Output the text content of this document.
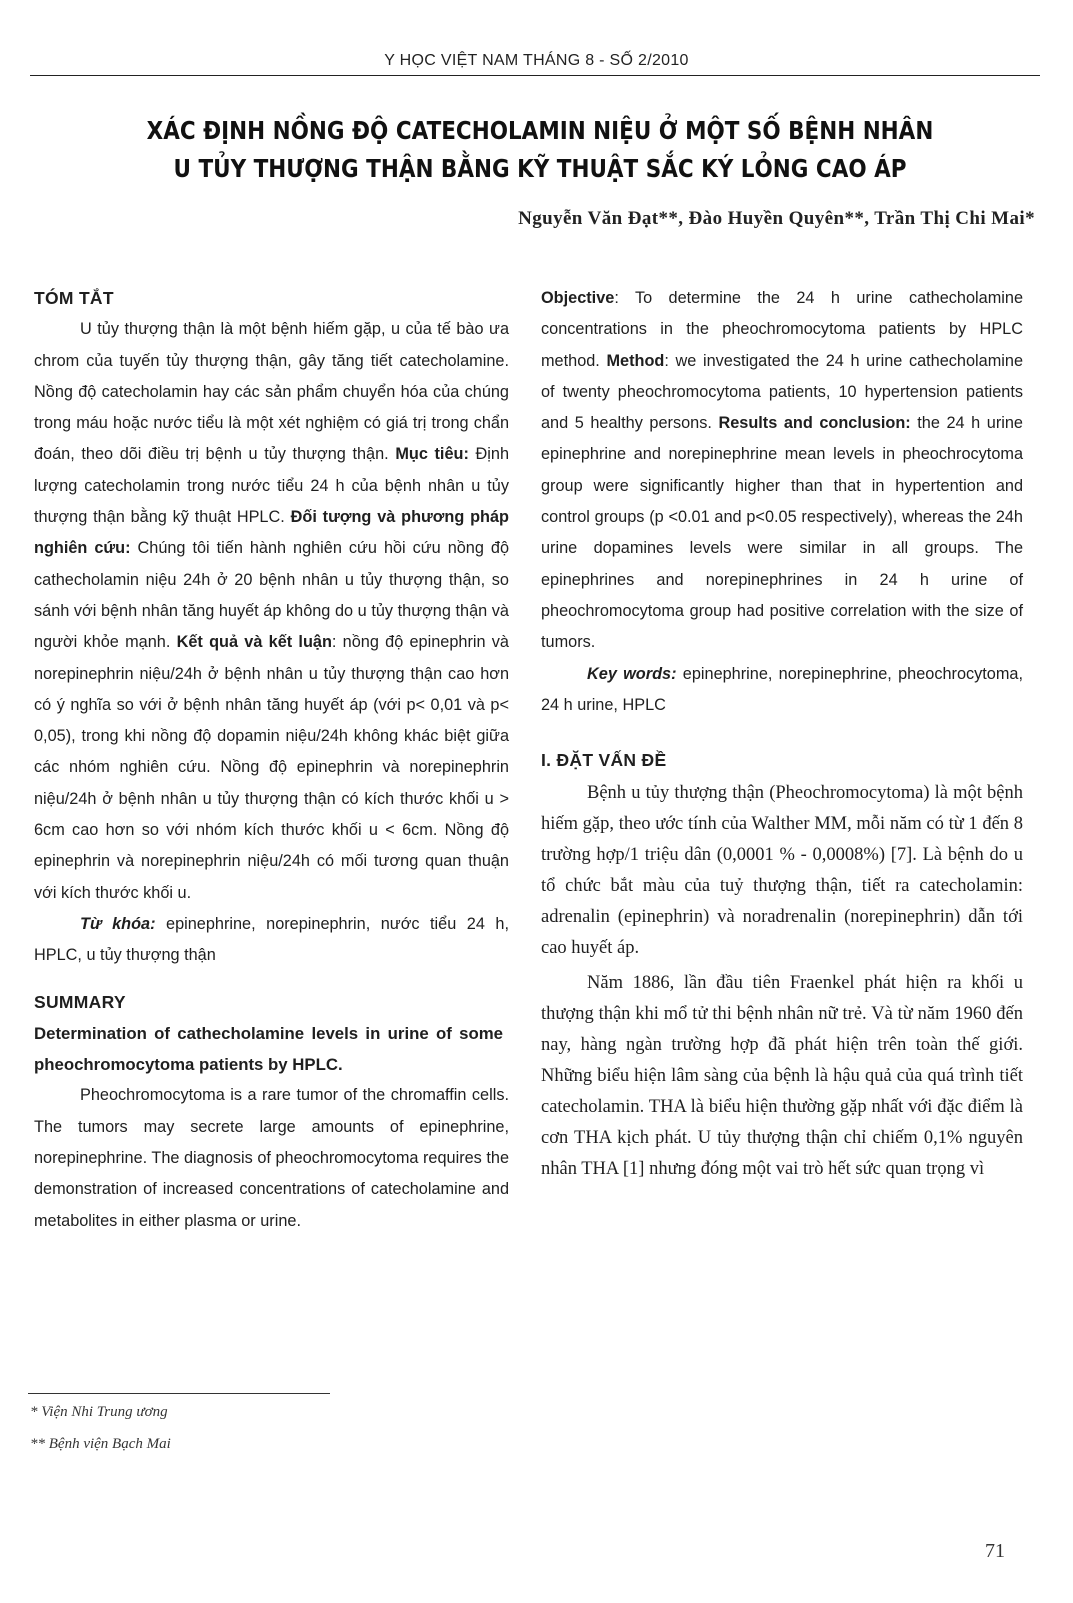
Y HỌC VIỆT NAM THÁNG 8 - SỐ 2/2010
XÁC ĐỊNH NỒNG ĐỘ CATECHOLAMIN NIỆU Ở MỘT SỐ BỆNH NHÂN
U TỦY THƯỢNG THẬN BẰNG KỸ THUẬT SẮC KÝ LỎNG CAO ÁP
Nguyễn Văn Đạt**, Đào Huyền Quyên**, Trần Thị Chi Mai*

TÓM TẮT

U tủy thượng thận là một bệnh hiếm gặp, u của tế bào ưa chrom của tuyến tủy thượng thận, gây tăng tiết catecholamine. Nồng độ catecholamin hay các sản phẩm chuyển hóa của chúng trong máu hoặc nước tiểu là một xét nghiệm có giá trị trong chẩn đoán, theo dõi điều trị bệnh u tủy thượng thận. Mục tiêu: Định lượng catecholamin trong nước tiểu 24 h của bệnh nhân u tủy thượng thận bằng kỹ thuật HPLC. Đối tượng và phương pháp nghiên cứu: Chúng tôi tiến hành nghiên cứu hồi cứu nồng độ cathecholamin niệu 24h ở 20 bệnh nhân u tủy thượng thận, so sánh với bệnh nhân tăng huyết áp không do u tủy thượng thận và người khỏe mạnh. Kết quả và kết luận: nồng độ epinephrin và norepinephrin niệu/24h ở bệnh nhân u tủy thượng thận cao hơn có ý nghĩa so với ở bệnh nhân tăng huyết áp (với p< 0,01 và p< 0,05), trong khi nồng độ dopamin niệu/24h không khác biệt giữa các nhóm nghiên cứu. Nồng độ epinephrin và norepinephrin niệu/24h ở bệnh nhân u tủy thượng thận có kích thước khối u > 6cm cao hơn so với nhóm kích thước khối u < 6cm. Nồng độ epinephrin và norepinephrin niệu/24h có mối tương quan thuận với kích thước khối u.

Từ khóa: epinephrine, norepinephrin, nước tiểu 24 h, HPLC, u tủy thượng thận

SUMMARY

Determination of cathecholamine levels in urine of some pheochromocytoma patients by HPLC.

Pheochromocytoma is a rare tumor of the chromaffin cells. The tumors may secrete large amounts of epinephrine, norepinephrine. The diagnosis of pheochromocytoma requires the demonstration of increased concentrations of catecholamine and metabolites in either plasma or urine.

Objective: To determine the 24 h urine cathecholamine concentrations in the pheochromocytoma patients by HPLC method. Method: we investigated the 24 h urine cathecholamine of twenty pheochromocytoma patients, 10 hypertension patients and 5 healthy persons. Results and conclusion: the 24 h urine epinephrine and norepinephrine mean levels in pheochrocytoma group were significantly higher than that in hypertention and control groups (p <0.01 and p<0.05 respectively), whereas the 24h urine dopamines levels were similar in all groups. The epinephrines and norepinephrines in 24 h urine of pheochromocytoma group had positive correlation with the size of tumors.

Key words: epinephrine, norepinephrine, pheochrocytoma, 24 h urine, HPLC

I. ĐẶT VẤN ĐỀ

Bệnh u tủy thượng thận (Pheochromocytoma) là một bệnh hiếm gặp, theo ước tính của Walther MM, mỗi năm có từ 1 đến 8 trường hợp/1 triệu dân (0,0001 % - 0,0008%) [7]. Là bệnh do u tổ chức bắt màu của tuỷ thượng thận, tiết ra catecholamin: adrenalin (epinephrin) và noradrenalin (norepinephrin) dẫn tới cao huyết áp.

Năm 1886, lần đầu tiên Fraenkel phát hiện ra khối u thượng thận khi mổ tử thi bệnh nhân nữ trẻ. Và từ năm 1960 đến nay, hàng ngàn trường hợp đã phát hiện trên toàn thế giới. Những biểu hiện lâm sàng của bệnh là hậu quả của quá trình tiết catecholamin. THA là biểu hiện thường gặp nhất với đặc điểm là cơn THA kịch phát. U tủy thượng thận chỉ chiếm 0,1% nguyên nhân THA [1] nhưng đóng một vai trò hết sức quan trọng vì

* Viện Nhi Trung ương
** Bệnh viện Bạch Mai
71
